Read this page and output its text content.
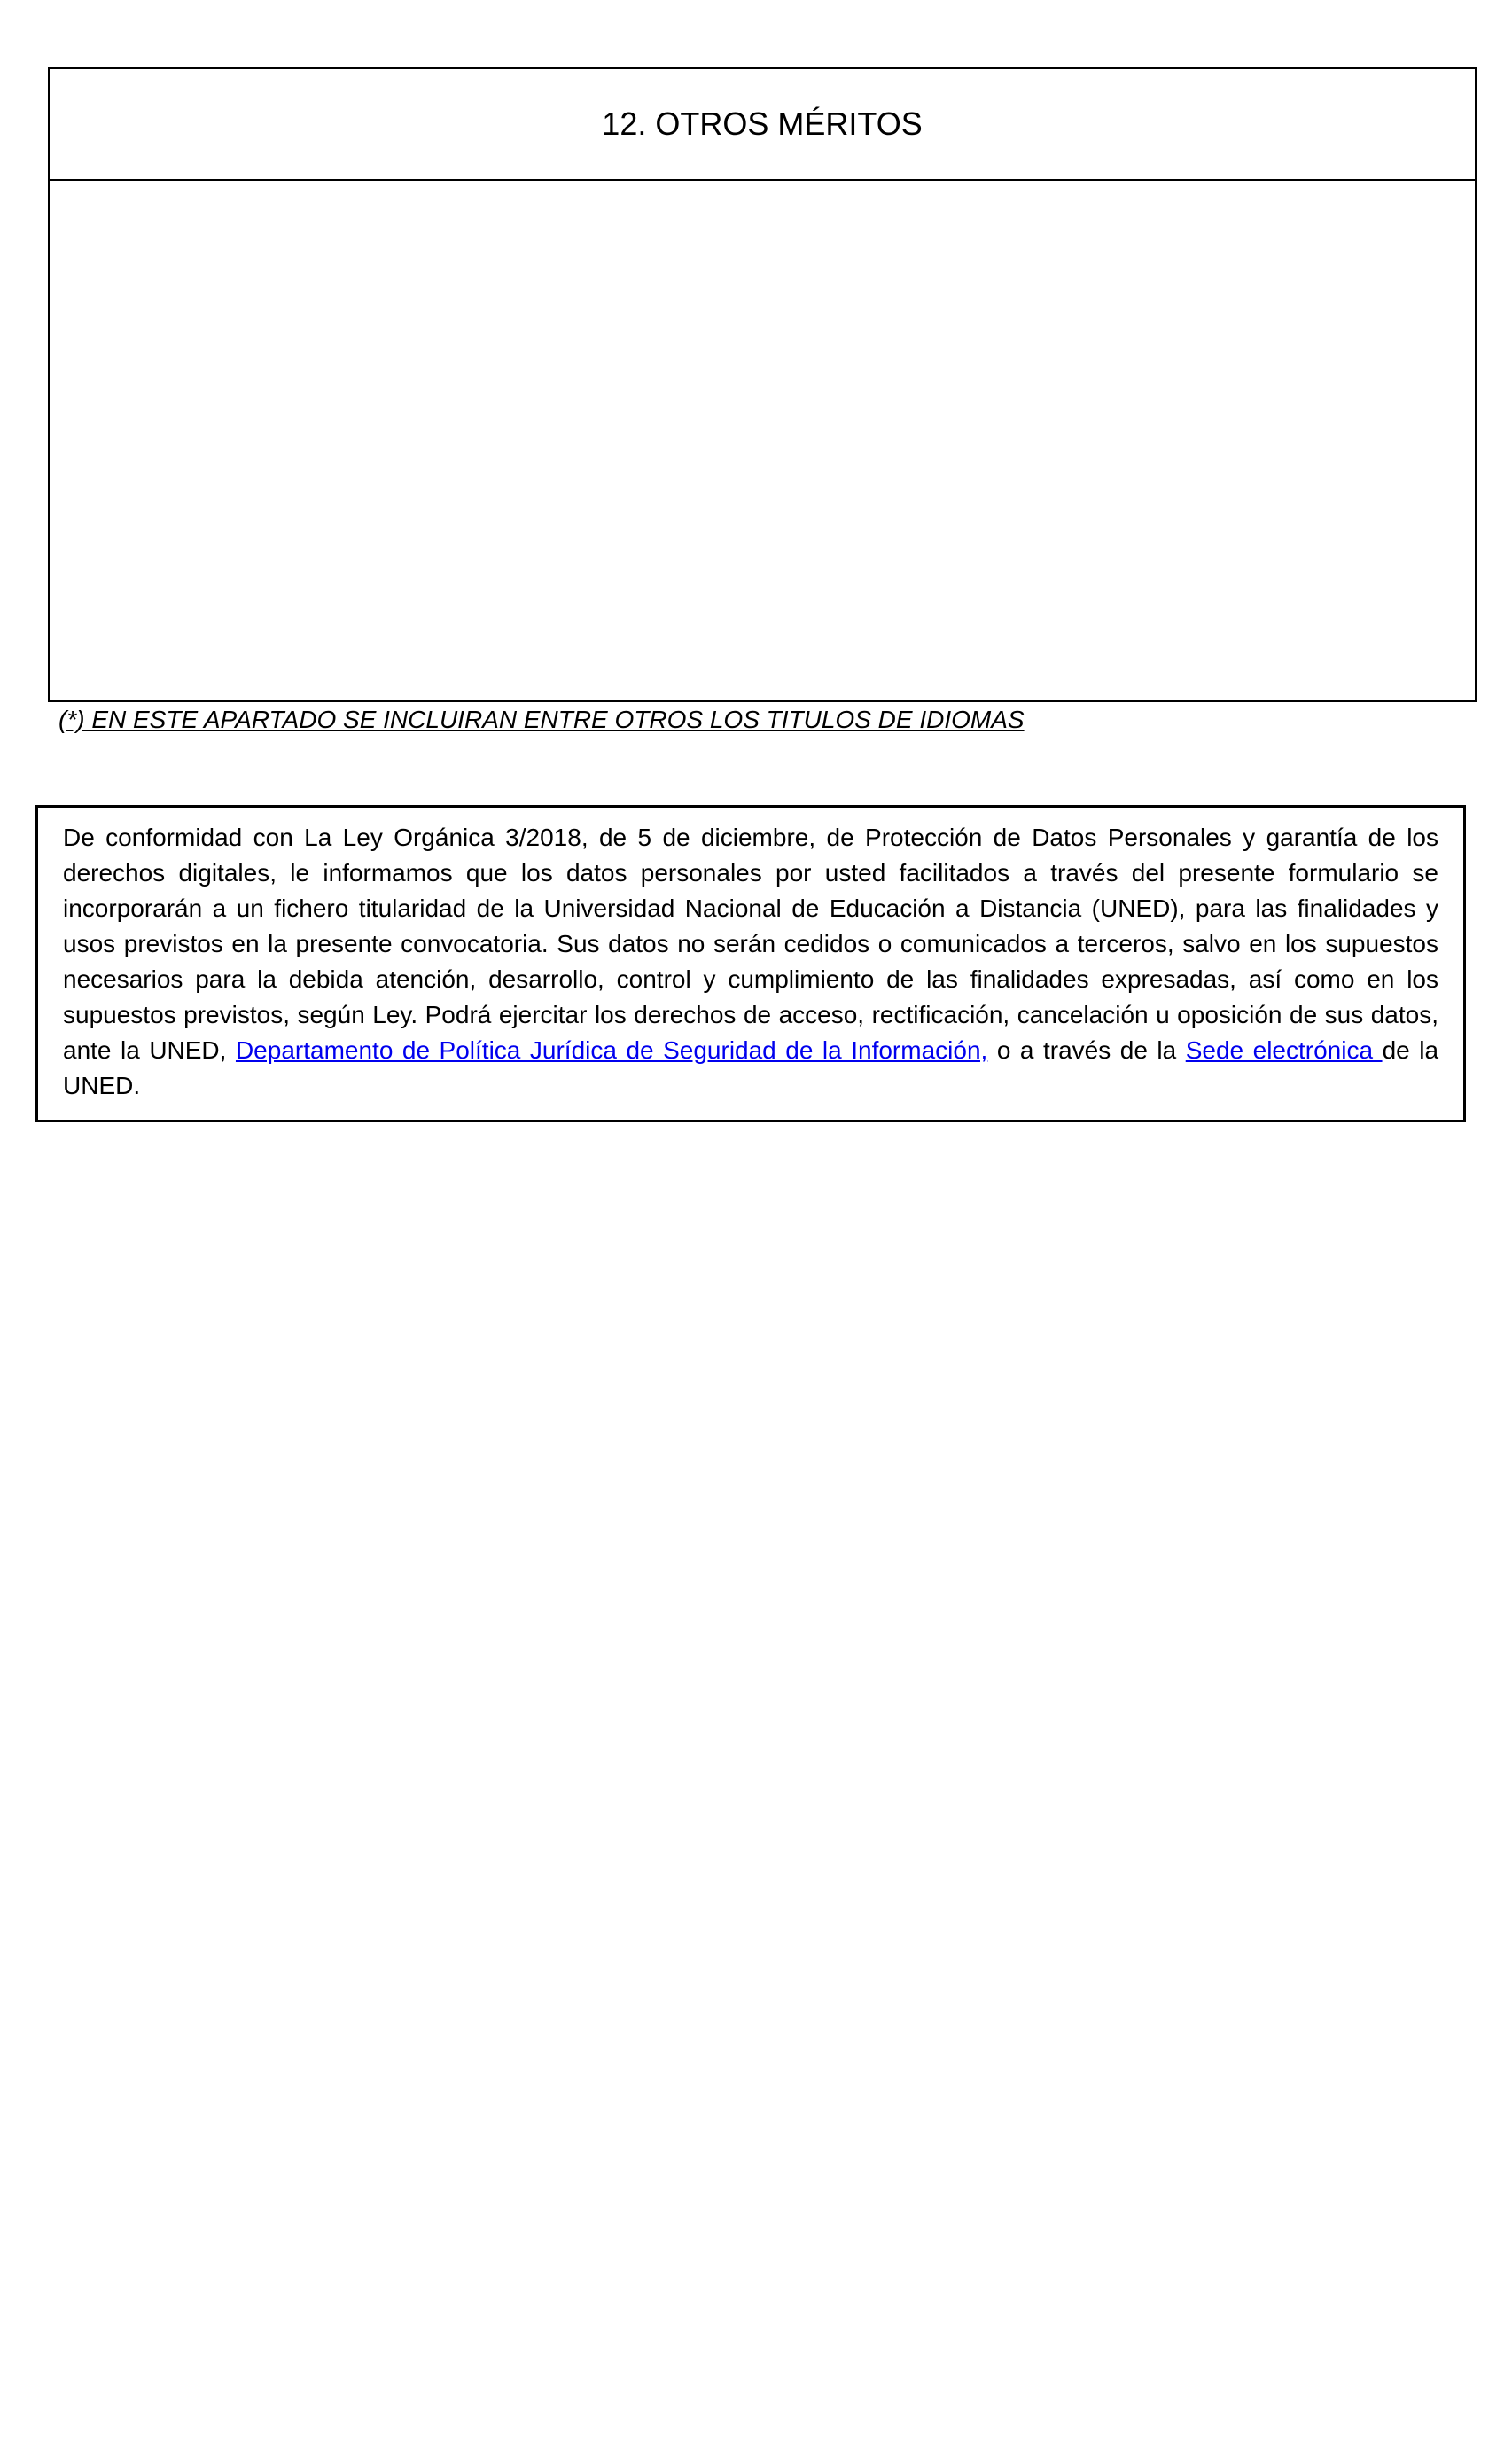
12. OTROS MÉRITOS
(*) EN ESTE APARTADO SE INCLUIRAN ENTRE OTROS LOS TITULOS DE IDIOMAS

De conformidad con La Ley Orgánica 3/2018, de 5 de diciembre, de Protección de Datos Personales y garantía de los derechos digitales, le informamos que los datos personales por usted facilitados a través del presente formulario se incorporarán a un fichero titularidad de la Universidad Nacional de Educación a Distancia (UNED), para las finalidades y usos previstos en la presente convocatoria. Sus datos no serán cedidos o comunicados a terceros, salvo en los supuestos necesarios para la debida atención, desarrollo, control y cumplimiento de las finalidades expresadas, así como en los supuestos previstos, según Ley. Podrá ejercitar los derechos de acceso, rectificación, cancelación u oposición de sus datos, ante la UNED, Departamento de Política Jurídica de Seguridad de la Información, o a través de la Sede electrónica de la UNED.
